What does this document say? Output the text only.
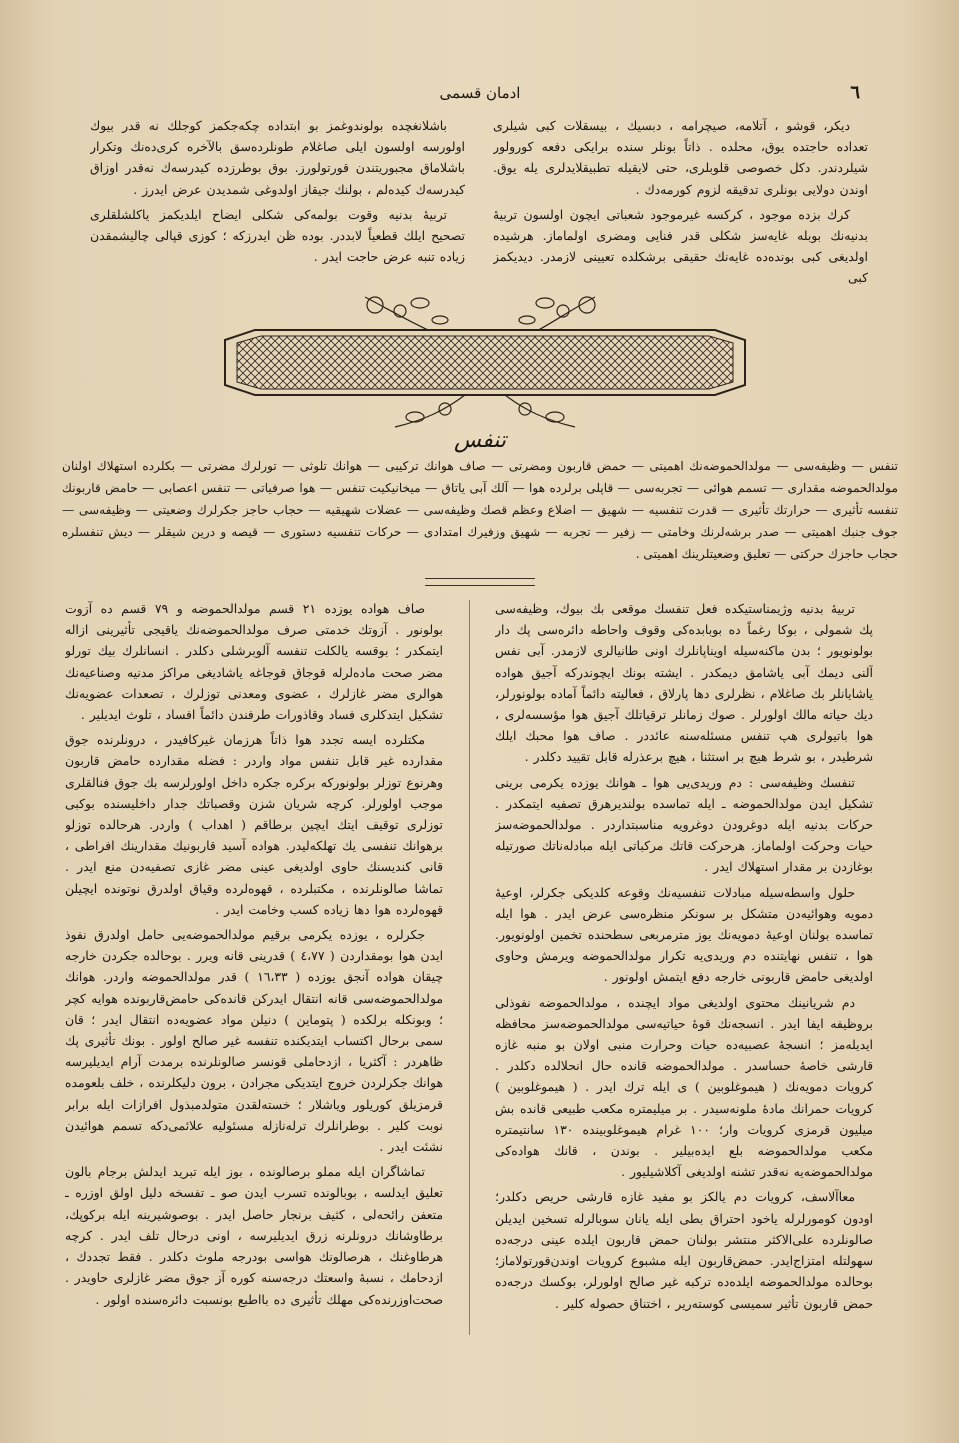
٦
ادمان قسمی

دیکر، قوشو ، آتلامه، صیچرامه ، دبسیك ، بیسقلات کبی شیلری تعداده حاجتده یوق، محلده . ذاتاً بونلر سنده برایکی دفعه کورولور شیلردندر. دکل خصوصی قلوبلری، حتی لایقیله تطبیقلایدلری یله یوق. اوندن دولایی بونلری تدقیقه لزوم کورمه‌دك .

کرك بزده موجود ، کرکسه غیرموجود شعباتی ایچون اولسون تربیهٔ بدنیه‌نك بوبله غایه‌سز شکلی قدر فنایی ومضری اولماماز. هرشیده اولدیغی کبی بونده‌ده غایه‌نك حقیقی برشکلده تعیینی لازمدر. دیدیکمز کبی

باشلانغچده بولوندوغمز بو ابتداده چکه‌جکمز کوجلك نه قدر بیوك اولورسه اولسون ایلی صاغلام طونلرده‌سق بالآخره کری‌ده‌نك وتکرار باشلاماق مجبوریتندن قورتولورز. بوق بوطرزده کیدرسه‌ك نه‌قدر اوزاق کیدرسه‌ك کیده‌لم ، بولنك جیقاز اولدوغی شمدیدن عرض ایدرز .

تربیهٔ بدنیه وقوت بولمه‌کی شکلی ایضاح ایلدیکمز یاکلشلقلری تصحیح ایلك قطعیاً لابددر. بوده ظن ایدرزکه ؛ کوزی قپالی چالیشمقدن زیاده تنبه عرض حاجت ایدر .

تنفس
تنفس — وظیفه‌سی — مولدالحموضه‌نك اهمیتی — حمض قاربون ومضرتی — صاف هوانك ترکیبی — هوانك تلوثی — تورلرك مضرتی — بکلرده استهلاك اولنان مولدالحموضه مقداری — تسمم هوائی — تجربه‌سی — قاپلی برلرده هوا — آلك آبی یاتاق — میخانیکیت تنفس — هوا صرفیاتی — تنفس اعصابی — حامض قاربونك تنفسه تأثیری — حرارتك تأثیری — قدرت تنفسیه — شهیق — اضلاع وعظم قصك وظیفه‌سی — عضلات شهیقیه — حجاب حاجز جکرلرك وضعیتی — وظیفه‌سی — جوف جنبك اهمیتی — صدر برشه‌لرنك وخامتی — زفیر — تجربه — شهیق وزفیرك امتدادی — حرکات تنفسیه دستوری — قیصه و درین شیقلر — دیش تنفسلره حجاب حاجزك حرکتی — تعلیق وضعیتلرینك اهمیتی .

تربیهٔ بدنیه وژیمناستیکده فعل تنفسك موقعی بك بیوك، وظیفه‌سی پك شمولی ، بوکا رغماً ده بوبابده‌کی وقوف واحاطه دائره‌سی پك دار بولونویور ؛ بدن ماکنه‌سیله اویناپانلرك اونی طانیالری لازمدر. آبی نفس آلنی دیمك آبی یاشامق دیمکدر . ایشته بونك ایچوندرکه آجیق هواده یاشایانلر بك صاغلام ، نظرلری دها پارلاق ، فعالیته دائماً آماده بولونورلر، دیك حیاته مالك اولورلر . صوك زمانلر ترقیاتلك آجیق هوا مؤسسه‌لری ، هوا باتیولری هپ تنفس مسئله‌سنه عائددر . صاف هوا محبك ایلك شرطیدر ، بو شرط هیچ بر استثنا ، هیچ برعذرله قابل تقیید دکلدر .

تنفسك وظیفه‌سی : دم وریدی‌یی هوا ـ هوانك یوزده یکرمی برینی تشکیل ایدن مولدالحموضه ـ ایله تماسده بولندیرهرق تصفیه ایتمکدر . حرکات بدنیه ایله دوغرودن دوغرویه مناسبتداردر . مولدالحموضه‌سز حیات وحرکت اولماماز. هرحرکت قاتك مرکباتی ایله مبادله‌ناتك صورتیله بوغازدن بر مقدار استهلاك ایدر .

حلول واسطه‌سیله مبادلات تنفسیه‌نك وقوعه کلدیکی جکرلر، اوعیهٔ دمویه وهوائیه‌دن متشکل بر سونکر منظره‌سی عرض ایدر . هوا ایله تماسده بولنان اوعیهٔ دمویه‌نك یوز مترمربعی سطحنده تخمین اولونویور. هوا ، تنفس نهایتنده دم وریدی‌یه تکرار مولدالحموضه ویرمش وحاوی اولدیغی حامض قاربونی خارجه دفع ایتمش اولونور .

دم شریانینك محتوی اولدیغی مواد ایچنده ، مولدالحموضه نفوذلی بروظیفه ایفا ایدر . انسجه‌نك قوهٔ حیاتیه‌سی مولدالحموضه‌سز محافظه ایدیله‌مز ؛ انسجهٔ عصبیه‌ده حیات وحرارت منبی اولان بو منبه غازه قارشی خاصهٔ حساسدر . مولدالحموضه قانده حال انحلالده دکلدر . کرویات دمویه‌نك ( هیموغلوبین ) ی ایله ترك ایدر . ( هیموغلوبین ) کرویات حمرانك مادهٔ ملونه‌سیدر . بر میلیمتره مکعب طبیعی قانده بش میلیون قرمزی کرویات وار؛ ۱۰۰ غرام هیموغلوبینده ۱۳۰ سانتیمتره مکعب مولدالحموضه بلع ایده‌بیلیر . بوندن ، قانك هواده‌کی مولدالحموضه‌یه نه‌قدر تشنه اولدیغی آکلاشیلیور .

معاآلاسف، کرویات دم یالکز بو مفید غازه قارشی حریص دکلدر؛ اودون کومورلرله یاخود احتراق بطی ایله یانان سوبالرله تسخین ایدیلن صالونلرده علی‌الاکثر منتشر بولنان حمض قاربون ایلده عینی درجه‌ده سهولتله امتزاج‌ایدر. حمض‌قاربون ایله مشبوع کرویات اوندن‌قورتولاماز؛ بوحالده مولدالحموضه ایلده‌ده ترکبه غیر صالح اولورلر، بوکسك درجه‌ده حمض قاربون تأثیر سمیسی کوسته‌ریر ، اختناق حصوله کلیر .

صاف هواده یوزده ۲۱ قسم مولدالحموضه و ۷۹ قسم ده آزوت بولونور . آزوتك خدمتی صرف مولدالحموضه‌نك یاقیجی تأثیرینی ازاله ایتمکدر ؛ بوقسه یالکلت تنفسه آلوبرشلی دکلدر . انسانلرك بیك تورلو مضر صحت ماده‌لرله قوجاق قوجاغه یاشادیغی مراکز مدنیه وصناعیه‌نك هوالری مضر غازلرك ، عضوی ومعدنی توزلرك ، تصعدات عضویه‌نك تشکیل ایتدکلری فساد وقاذورات طرفندن دائماً افساد ، تلوث ایدیلیر .

مکتلرده ایسه تجدد هوا ذاتاً هرزمان غیرکافیدر ، درونلرنده جوق مقدارده غیر قابل تنفس مواد واردر : فضله مقدارده حامض قاربون وهرنوع توزلر بولونورکه برکره جکره داخل اولورلرسه بك جوق فنالقلری موجب اولورلر. کرچه شریان شزن وقصباتك جدار داخلیسنده بوکبی توزلری توقیف ایتك ایچین برطاقم ( اهداب ) واردر. هرحالده توزلو برهوانك تنفسی یك تهلکه‌لیدر. هواده آسید قاربونیك مقدارینك افراطی ، قانی کندیسنك حاوی اولدیغی عینی مضر غازی تصفیه‌دن منع ایدر . تماشا صالونلرنده ، مکتبلرده ، قهوه‌لرده وقیاق اولدرق نوتونده ایچیلن قهوه‌لرده هوا دها زیاده کسب وخامت ایدر .

جکرلره ، یوزده یکرمی برقیم مولدالحموضه‌یی حامل اولدرق نفوذ ایدن هوا بومقداردن ( ٤،۷۷ ) قدرینی قانه ویرر . بوحالده جکردن خارجه چیقان هواده آنجق یوزده ( ۱٦،۳۳ ) قدر مولدالحموضه واردر. هوانك مولدالحموضه‌سی قانه انتقال ایدرکن قانده‌کی حامض‌قاربونده هوایه کچر ؛ وبونکله برلکده ( پتوماین ) دنیلن مواد عضویه‌ده انتقال ایدر ؛ قان سمی برحال اکتساب ایتدیکنده تنفسه غیر صالح اولور . بونك تأثیری پك ظاهردر : آکثریا ، ازدحاملی قونسر صالونلرنده برمدت آرام ایدیلیرسه هوانك جکرلردن خروج ایتدیکی مجرادن ، برون دلیکلرنده ، خلف بلعومده قرمزیلق کوریلور ویاشلار ؛ خسته‌لقدن متولد‌مبذول افرازات ایله برابر نوبت کلیر . بوطرانلرك ترله‌نازله‌ مسئولیه علائمی‌دکه تسمم هوائیدن نشئت ایدر .

تماشاگران ایله مملو برصالونده ، بوز ایله تبرید ایدلش برجام بالون تعلیق ایدلسه ، بوبالونده تسرب ایدن صو ـ تفسخه دلیل اولق اوزره ـ متعفن رائحه‌لی ، کثیف برنجار حاصل ایدر . بوصوشیرینه ایله برکوپك، برطاوشانك درونلرنه زرق ایدیلیرسه ، اونی درحال تلف ایدر . کرچه هرطاوغنك ، هرصالونك هواسی بودرجه ملوث دکلدر . فقط تجددك ، ازدحامك ، نسبهٔ واسعتك درجه‌سنه کوره آز جوق مضر غازلری حاویدر . صحت‌اوزرنده‌کی مهلك تأثیری ده بااطبع بونسبت دائره‌سنده اولور .
